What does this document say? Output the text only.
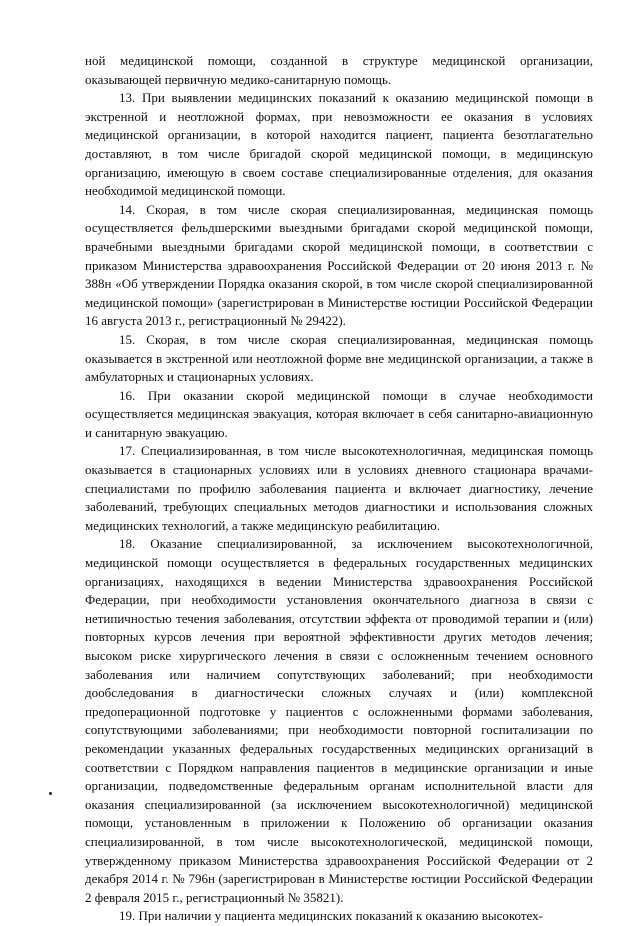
ной медицинской помощи, созданной в структуре медицинской организации, оказывающей первичную медико-санитарную помощь.

13. При выявлении медицинских показаний к оказанию медицинской помощи в экстренной и неотложной формах, при невозможности ее оказания в условиях медицинской организации, в которой находится пациент, пациента безотлагательно доставляют, в том числе бригадой скорой медицинской помощи, в медицинскую организацию, имеющую в своем составе специализированные отделения, для оказания необходимой медицинской помощи.

14. Скорая, в том числе скорая специализированная, медицинская помощь осуществляется фельдшерскими выездными бригадами скорой медицинской помощи, врачебными выездными бригадами скорой медицинской помощи, в соответствии с приказом Министерства здравоохранения Российской Федерации от 20 июня 2013 г. № 388н «Об утверждении Порядка оказания скорой, в том числе скорой специализированной медицинской помощи» (зарегистрирован в Министерстве юстиции Российской Федерации 16 августа 2013 г., регистрационный № 29422).

15. Скорая, в том числе скорая специализированная, медицинская помощь оказывается в экстренной или неотложной форме вне медицинской организации, а также в амбулаторных и стационарных условиях.

16. При оказании скорой медицинской помощи в случае необходимости осуществляется медицинская эвакуация, которая включает в себя санитарно-авиационную и санитарную эвакуацию.

17. Специализированная, в том числе высокотехнологичная, медицинская помощь оказывается в стационарных условиях или в условиях дневного стационара врачами-специалистами по профилю заболевания пациента и включает диагностику, лечение заболеваний, требующих специальных методов диагностики и использования сложных медицинских технологий, а также медицинскую реабилитацию.

18. Оказание специализированной, за исключением высокотехнологичной, медицинской помощи осуществляется в федеральных государственных медицинских организациях, находящихся в ведении Министерства здравоохранения Российской Федерации, при необходимости установления окончательного диагноза в связи с нетипичностью течения заболевания, отсутствии эффекта от проводимой терапии и (или) повторных курсов лечения при вероятной эффективности других методов лечения; высоком риске хирургического лечения в связи с осложненным течением основного заболевания или наличием сопутствующих заболеваний; при необходимости дообследования в диагностически сложных случаях и (или) комплексной предоперационной подготовке у пациентов с осложненными формами заболевания, сопутствующими заболеваниями; при необходимости повторной госпитализации по рекомендации указанных федеральных государственных медицинских организаций в соответствии с Порядком направления пациентов в медицинские организации и иные организации, подведомственные федеральным органам исполнительной власти для оказания специализированной (за исключением высокотехнологичной) медицинской помощи, установленным в приложении к Положению об организации оказания специализированной, в том числе высокотехнологической, медицинской помощи, утвержденному приказом Министерства здравоохранения Российской Федерации от 2 декабря 2014 г. № 796н (зарегистрирован в Министерстве юстиции Российской Федерации 2 февраля 2015 г., регистрационный № 35821).

19. При наличии у пациента медицинских показаний к оказанию высокотех-
